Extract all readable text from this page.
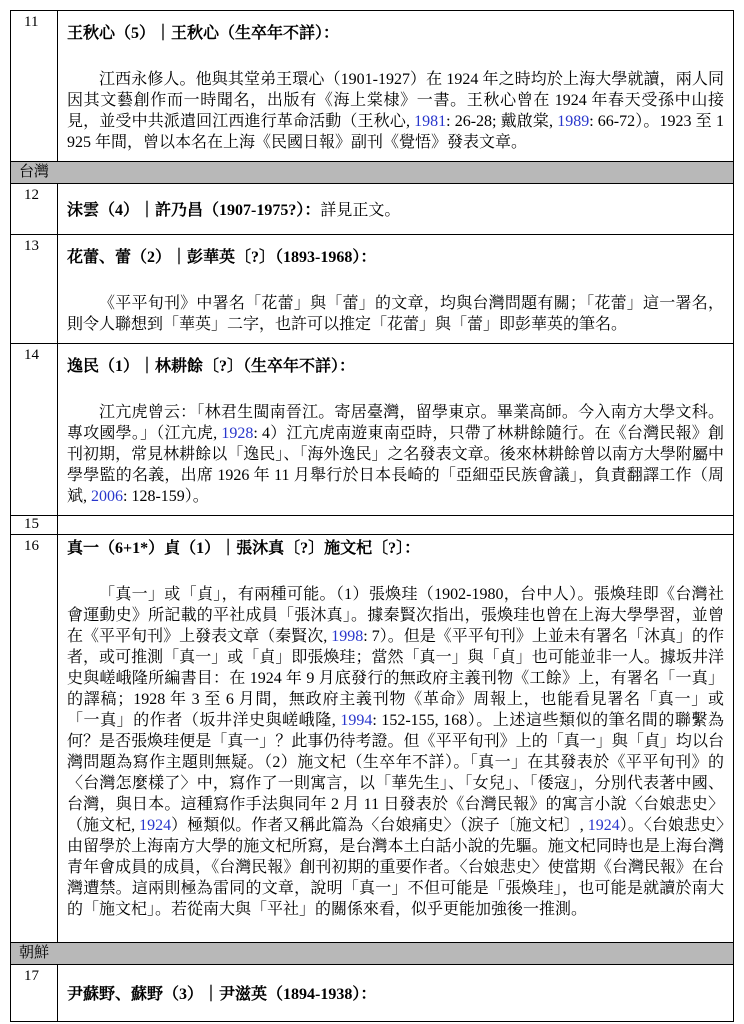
11
王秋心（5）｜王秋心（生卒年不詳）：

江西永修人。他與其堂弟王環心（1901-1927）在 1924 年之時均於上海大學就讀，兩人同因其文藝創作而一時聞名，出版有《海上棠棣》一書。王秋心曾在 1924 年春天受孫中山接見，並受中共派遣回江西進行革命活動（王秋心, 1981: 26-28; 戴啟棠, 1989: 66-72）。1923 至 1925 年間，曾以本名在上海《民國日報》副刊《覺悟》發表文章。

台灣
12
沫雲（4）｜許乃昌（1907-1975?）：詳見正文。
13
花蕾、蕾（2）｜彭華英〔?〕（1893-1968）：

《平平旬刊》中署名「花蕾」與「蕾」的文章，均與台灣問題有關；「花蕾」這一署名，則令人聯想到「華英」二字，也許可以推定「花蕾」與「蕾」即彭華英的筆名。

14
逸民（1）｜林耕餘〔?〕（生卒年不詳）：

江亢虎曾云：「林君生閩南晉江。寄居臺灣，留學東京。畢業高師。今入南方大學文科。專攻國學。」（江亢虎, 1928: 4）江亢虎南遊東南亞時，只帶了林耕餘隨行。在《台灣民報》創刊初期，常見林耕餘以「逸民」、「海外逸民」之名發表文章。後來林耕餘曾以南方大學附屬中學學監的名義，出席 1926 年 11 月舉行於日本長崎的「亞細亞民族會議」，負責翻譯工作（周斌, 2006: 128-159）。

15
16	真一（6+1*）貞（1）｜張沐真〔?〕施文杞〔?〕：

「真一」或「貞」，有兩種可能。（1）張煥珪（1902-1980，台中人）。張煥珪即《台灣社會運動史》所記載的平社成員「張沐真」。據秦賢次指出，張煥珪也曾在上海大學學習，並曾在《平平旬刊》上發表文章（秦賢次, 1998: 7）。但是《平平旬刊》上並未有署名「沐真」的作者，或可推測「真一」或「貞」即張煥珪；當然「真一」與「貞」也可能並非一人。據坂井洋史與嵯峨隆所編書目：在 1924 年 9 月底發行的無政府主義刊物《工餘》上，有署名「一真」的譯稿；1928 年 3 至 6 月間，無政府主義刊物《革命》周報上，也能看見署名「真一」或「一真」的作者（坂井洋史與嵯峨隆, 1994: 152-155, 168）。上述這些類似的筆名間的聯繫為何？是否張煥珪便是「真一」？此事仍待考證。但《平平旬刊》上的「真一」與「貞」均以台灣問題為寫作主題則無疑。（2）施文杞（生卒年不詳）。「真一」在其發表於《平平旬刊》的〈台灣怎麼樣了〉中，寫作了一則寓言，以「華先生」、「女兒」、「倭寇」，分別代表著中國、台灣，與日本。這種寫作手法與同年 2 月 11 日發表於《台灣民報》的寓言小說〈台娘悲史〉（施文杞, 1924）極類似。作者又稱此篇為〈台娘痛史〉（淚子〔施文杞〕, 1924）。〈台娘悲史〉由留學於上海南方大學的施文杞所寫，是台灣本土白話小說的先驅。施文杞同時也是上海台灣青年會成員的成員，《台灣民報》創刊初期的重要作者。〈台娘悲史〉使當期《台灣民報》在台灣遭禁。這兩則極為雷同的文章，說明「真一」不但可能是「張煥珪」，也可能是就讀於南大的「施文杞」。若從南大與「平社」的關係來看，似乎更能加強後一推測。

朝鮮
17
尹蘇野、蘇野（3）｜尹滋英（1894-1938）：
